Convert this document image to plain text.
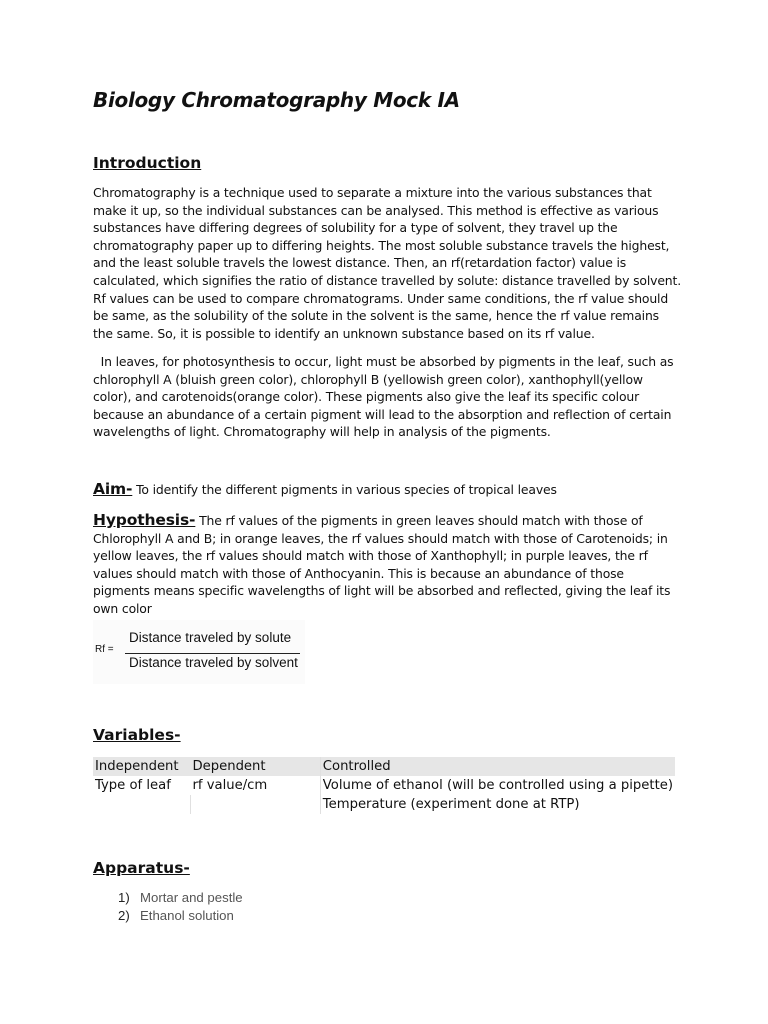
Biology Chromatography Mock IA
Introduction

Chromatography is a technique used to separate a mixture into the various substances that make it up, so the individual substances can be analysed. This method is effective as various substances have differing degrees of solubility for a type of solvent, they travel up the chromatography paper up to differing heights. The most soluble substance travels the highest, and the least soluble travels the lowest distance. Then, an rf(retardation factor) value is calculated, which signifies the ratio of distance travelled by solute: distance travelled by solvent. Rf values can be used to compare chromatograms. Under same conditions, the rf value should be same, as the solubility of the solute in the solvent is the same, hence the rf value remains the same. So, it is possible to identify an unknown substance based on its rf value.

In leaves, for photosynthesis to occur, light must be absorbed by pigments in the leaf, such as chlorophyll A (bluish green color), chlorophyll B (yellowish green color), xanthophyll(yellow color), and carotenoids(orange color). These pigments also give the leaf its specific colour because an abundance of a certain pigment will lead to the absorption and reflection of certain wavelengths of light. Chromatography will help in analysis of the pigments.

Aim- To identify the different pigments in various species of tropical leaves

Hypothesis- The rf values of the pigments in green leaves should match with those of Chlorophyll A and B; in orange leaves, the rf values should match with those of Carotenoids; in yellow leaves, the rf values should match with those of Xanthophyll; in purple leaves, the rf values should match with those of Anthocyanin. This is because an abundance of those pigments means specific wavelengths of light will be absorbed and reflected, giving the leaf its own color

Rf =
Distance traveled by solute
Distance traveled by solvent
Variables-
Independent	Dependent	Controlled
Type of leaf	rf value/cm	Volume of ethanol (will be controlled using a pipette)
		Temperature (experiment done at RTP)
Apparatus-
1) Mortar and pestle
2) Ethanol solution
